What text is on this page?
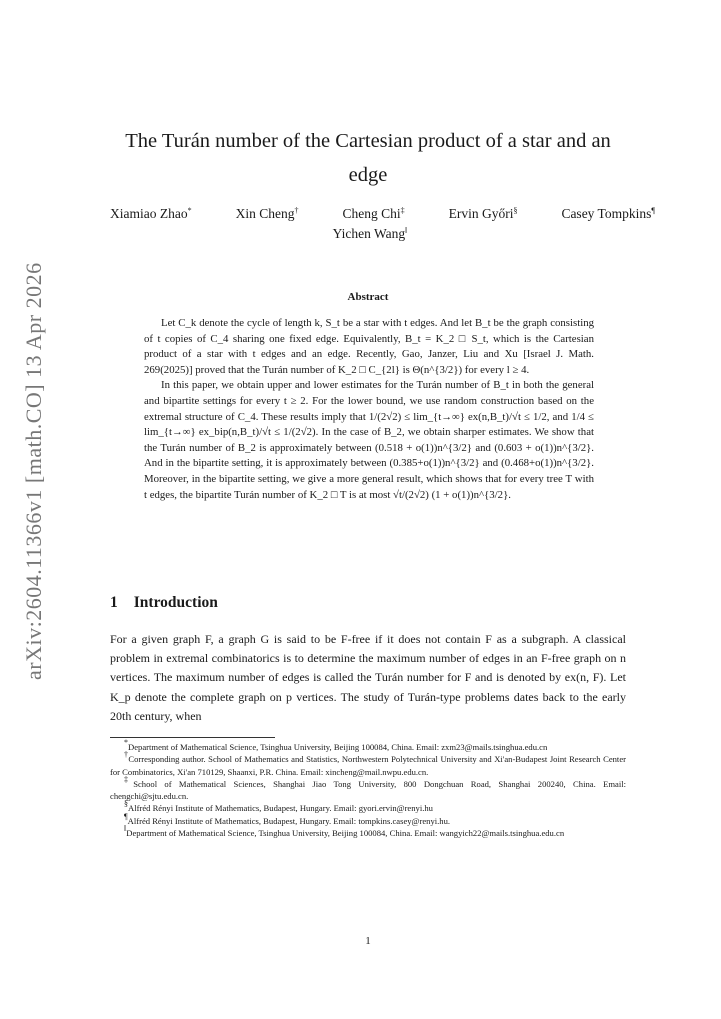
arXiv:2604.11366v1 [math.CO] 13 Apr 2026
The Turán number of the Cartesian product of a star and an edge
Xiamiao Zhao*	Xin Cheng†	Cheng Chi‡	Ervin Győri§	Casey Tompkins¶
Yichen Wang‖
Abstract

Let C_k denote the cycle of length k, S_t be a star with t edges. And let B_t be the graph consisting of t copies of C_4 sharing one fixed edge. Equivalently, B_t = K_2 □ S_t, which is the Cartesian product of a star with t edges and an edge. Recently, Gao, Janzer, Liu and Xu [Israel J. Math. 269(2025)] proved that the Turán number of K_2 □ C_{2l} is Θ(n^{3/2}) for every l ≥ 4.

In this paper, we obtain upper and lower estimates for the Turán number of B_t in both the general and bipartite settings for every t ≥ 2. For the lower bound, we use random construction based on the extremal structure of C_4. These results imply that 1/(2√2) ≤ lim_{t→∞} ex(n,B_t)/√t ≤ 1/2, and 1/4 ≤ lim_{t→∞} ex_bip(n,B_t)/√t ≤ 1/(2√2). In the case of B_2, we obtain sharper estimates. We show that the Turán number of B_2 is approximately between (0.518 + o(1))n^{3/2} and (0.603 + o(1))n^{3/2}. And in the bipartite setting, it is approximately between (0.385+o(1))n^{3/2} and (0.468+o(1))n^{3/2}. Moreover, in the bipartite setting, we give a more general result, which shows that for every tree T with t edges, the bipartite Turán number of K_2 □ T is at most √t/(2√2) (1 + o(1))n^{3/2}.

1 Introduction

For a given graph F, a graph G is said to be F-free if it does not contain F as a subgraph. A classical problem in extremal combinatorics is to determine the maximum number of edges in an F-free graph on n vertices. The maximum number of edges is called the Turán number for F and is denoted by ex(n, F). Let K_p denote the complete graph on p vertices. The study of Turán-type problems dates back to the early 20th century, when

*Department of Mathematical Science, Tsinghua University, Beijing 100084, China. Email: zxm23@mails.tsinghua.edu.cn

†Corresponding author. School of Mathematics and Statistics, Northwestern Polytechnical University and Xi'an-Budapest Joint Research Center for Combinatorics, Xi'an 710129, Shaanxi, P.R. China. Email: xincheng@mail.nwpu.edu.cn.

‡School of Mathematical Sciences, Shanghai Jiao Tong University, 800 Dongchuan Road, Shanghai 200240, China. Email: chengchi@sjtu.edu.cn.

§Alfréd Rényi Institute of Mathematics, Budapest, Hungary. Email: gyori.ervin@renyi.hu

¶Alfréd Rényi Institute of Mathematics, Budapest, Hungary. Email: tompkins.casey@renyi.hu.

‖Department of Mathematical Science, Tsinghua University, Beijing 100084, China. Email: wangyich22@mails.tsinghua.edu.cn

1
